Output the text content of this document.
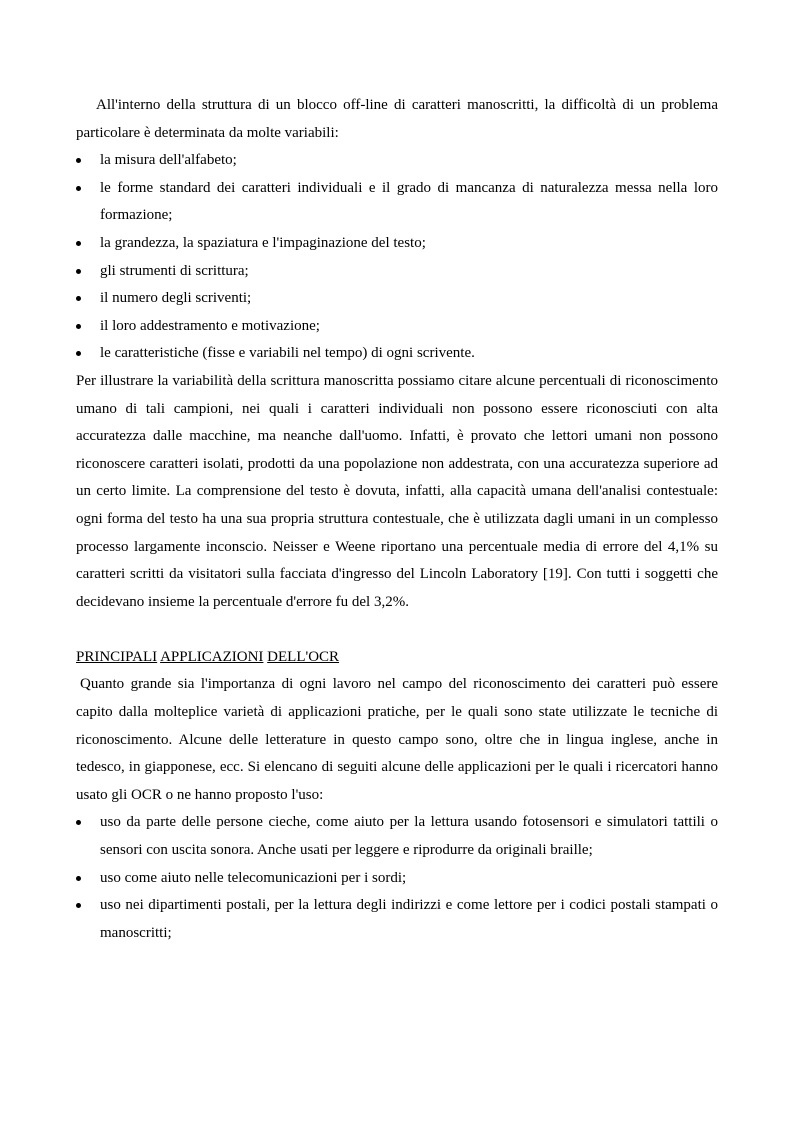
All'interno della struttura di un blocco off-line di caratteri manoscritti, la difficoltà di un problema particolare è determinata da molte variabili:

la misura dell'alfabeto;
le forme standard dei caratteri individuali e il grado di mancanza di naturalezza messa nella loro formazione;
la grandezza, la spaziatura e l'impaginazione del testo;
gli strumenti di scrittura;
il numero degli scriventi;
il loro addestramento e motivazione;
le caratteristiche (fisse e variabili nel tempo) di ogni scrivente.

Per illustrare la variabilità della scrittura manoscritta possiamo citare alcune percentuali di riconoscimento umano di tali campioni, nei quali i caratteri individuali non possono essere riconosciuti con alta accuratezza dalle macchine, ma neanche dall'uomo. Infatti, è provato che lettori umani non possono riconoscere caratteri isolati, prodotti da una popolazione non addestrata, con una accuratezza superiore ad un certo limite. La comprensione del testo è dovuta, infatti, alla capacità umana dell'analisi contestuale: ogni forma del testo ha una sua propria struttura contestuale, che è utilizzata dagli umani in un complesso processo largamente inconscio. Neisser e Weene riportano una percentuale media di errore del 4,1% su caratteri scritti da visitatori sulla facciata d'ingresso del Lincoln Laboratory [19]. Con tutti i soggetti che decidevano insieme la percentuale d'errore fu del 3,2%.

PRINCIPALI APPLICAZIONI DELL'OCR

Quanto grande sia l'importanza di ogni lavoro nel campo del riconoscimento dei caratteri può essere capito dalla molteplice varietà di applicazioni pratiche, per le quali sono state utilizzate le tecniche di riconoscimento. Alcune delle letterature in questo campo sono, oltre che in lingua inglese, anche in tedesco, in giapponese, ecc. Si elencano di seguiti alcune delle applicazioni per le quali i ricercatori hanno usato gli OCR o ne hanno proposto l'uso:

uso da parte delle persone cieche, come aiuto per la lettura usando fotosensori e simulatori tattili o sensori con uscita sonora. Anche usati per leggere e riprodurre da originali braille;
uso come aiuto nelle telecomunicazioni per i sordi;
uso nei dipartimenti postali, per la lettura degli indirizzi e come lettore per i codici postali stampati o manoscritti;
